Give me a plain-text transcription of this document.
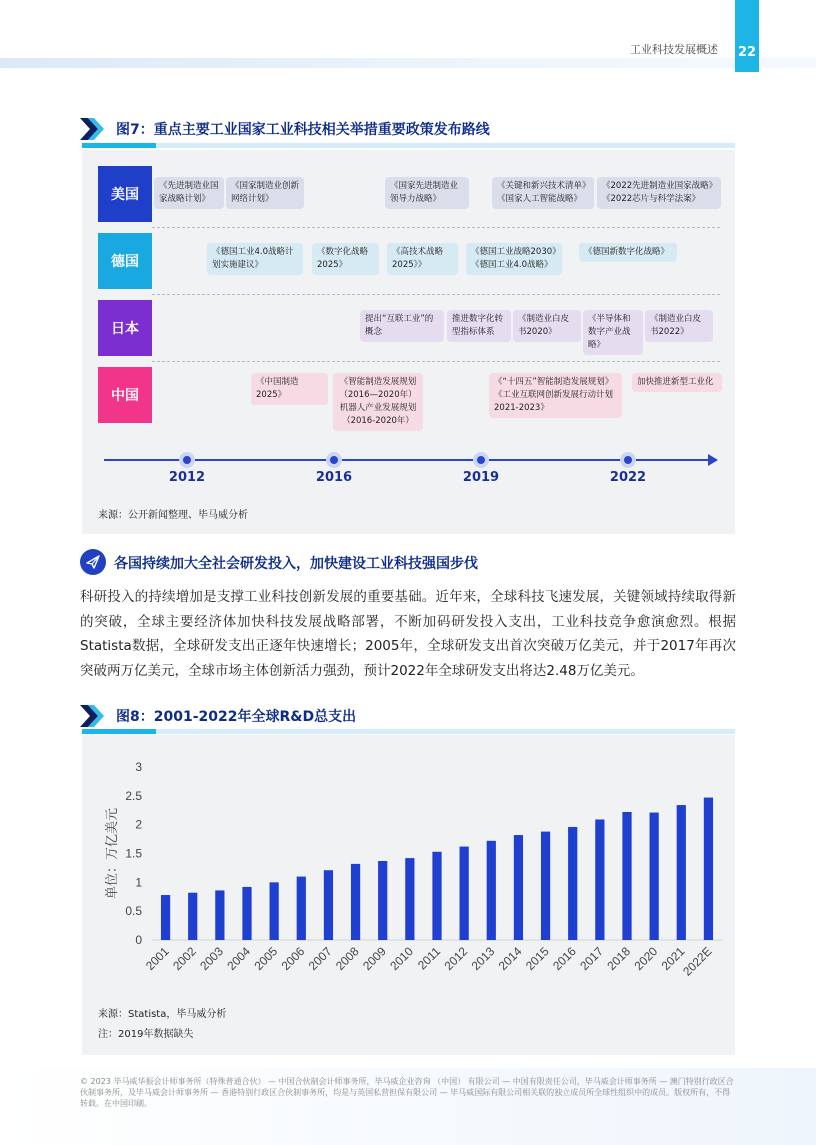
工业科技发展概述 22
图7：重点主要工业国家工业科技相关举措重要政策发布路线
美国
德国
日本
中国
《先进制造业国家战略计划》
《国家制造业创新网络计划》
《国家先进制造业领导力战略》
《关键和新兴技术清单》《国家人工智能战略》
《2022先进制造业国家战略》《2022芯片与科学法案》
《德国工业4.0战略计划实施建议》
《数字化战略2025》
《高技术战略2025》》
《德国工业战略2030》《德国工业4.0战略》
《德国新数字化战略》
提出“互联工业”的概念
推进数字化转型指标体系
《制造业白皮书2020》
《半导体和数字产业战略》
《制造业白皮书2022》
《中国制造2025》
《智能制造发展规划（2016—2020年）机器人产业发展规划（2016-2020年）
《“十四五”智能制造发展规划》《工业互联网创新发展行动计划2021-2023》
加快推进新型工业化
2012	2016	2019	2022
来源：公开新闻整理、毕马威分析
各国持续加大全社会研发投入，加快建设工业科技强国步伐

科研投入的持续增加是支撑工业科技创新发展的重要基础。近年来，全球科技飞速发展，关键领域持续取得新的突破，全球主要经济体加快科技发展战略部署，不断加码研发投入支出，工业科技竞争愈演愈烈。根据Statista数据，全球研发支出正逐年快速增长；2005年，全球研发支出首次突破万亿美元，并于2017年再次突破两万亿美元，全球市场主体创新活力强劲，预计2022年全球研发支出将达2.48万亿美元。

图8：2001-2022年全球R&D总支出
0
0.5
1
1.5
2
2.5
3
单位：万亿美元
2001
2002
2003
2004
2005
2006
2007
2008
2009
2010
2011
2012
2013
2014
2015
2016
2017
2018
2020
2021
2022E
来源：Statista，毕马威分析
注：2019年数据缺失
© 2023 毕马威华振会计师事务所（特殊普通合伙） — 中国合伙制会计师事务所，毕马威企业咨询 （中国） 有限公司 — 中国有限责任公司，毕马威会计师事务所 — 澳门特别行政区合伙制事务所，及毕马威会计师事务所 — 香港特别行政区合伙制事务所，均是与英国私营担保有限公司 — 毕马威国际有限公司相关联的独立成员所全球性组织中的成员。版权所有，不得转载。在中国印刷。
